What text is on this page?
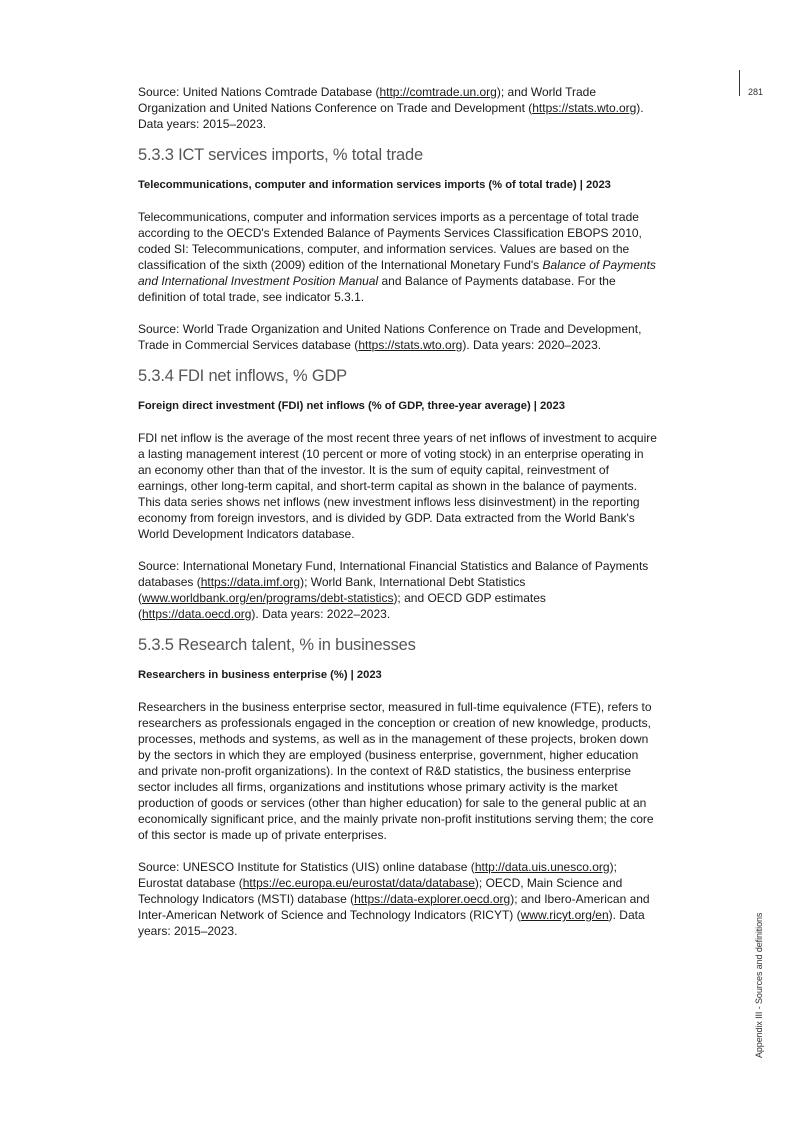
281
Appendix III - Sources and definitions

Source: United Nations Comtrade Database (http://comtrade.un.org); and World Trade Organization and United Nations Conference on Trade and Development (https://stats.wto.org). Data years: 2015–2023.

5.3.3 ICT services imports, % total trade

Telecommunications, computer and information services imports (% of total trade) | 2023

Telecommunications, computer and information services imports as a percentage of total trade according to the OECD's Extended Balance of Payments Services Classification EBOPS 2010, coded SI: Telecommunications, computer, and information services. Values are based on the classification of the sixth (2009) edition of the International Monetary Fund's Balance of Payments and International Investment Position Manual and Balance of Payments database. For the definition of total trade, see indicator 5.3.1.

Source: World Trade Organization and United Nations Conference on Trade and Development, Trade in Commercial Services database (https://stats.wto.org). Data years: 2020–2023.

5.3.4 FDI net inflows, % GDP

Foreign direct investment (FDI) net inflows (% of GDP, three-year average) | 2023

FDI net inflow is the average of the most recent three years of net inflows of investment to acquire a lasting management interest (10 percent or more of voting stock) in an enterprise operating in an economy other than that of the investor. It is the sum of equity capital, reinvestment of earnings, other long-term capital, and short-term capital as shown in the balance of payments. This data series shows net inflows (new investment inflows less disinvestment) in the reporting economy from foreign investors, and is divided by GDP. Data extracted from the World Bank's World Development Indicators database.

Source: International Monetary Fund, International Financial Statistics and Balance of Payments databases (https://data.imf.org); World Bank, International Debt Statistics (www.worldbank.org/en/programs/debt-statistics); and OECD GDP estimates (https://data.oecd.org). Data years: 2022–2023.

5.3.5 Research talent, % in businesses

Researchers in business enterprise (%) | 2023

Researchers in the business enterprise sector, measured in full-time equivalence (FTE), refers to researchers as professionals engaged in the conception or creation of new knowledge, products, processes, methods and systems, as well as in the management of these projects, broken down by the sectors in which they are employed (business enterprise, government, higher education and private non-profit organizations). In the context of R&D statistics, the business enterprise sector includes all firms, organizations and institutions whose primary activity is the market production of goods or services (other than higher education) for sale to the general public at an economically significant price, and the mainly private non-profit institutions serving them; the core of this sector is made up of private enterprises.

Source: UNESCO Institute for Statistics (UIS) online database (http://data.uis.unesco.org); Eurostat database (https://ec.europa.eu/eurostat/data/database); OECD, Main Science and Technology Indicators (MSTI) database (https://data-explorer.oecd.org); and Ibero-American and Inter-American Network of Science and Technology Indicators (RICYT) (www.ricyt.org/en). Data years: 2015–2023.
